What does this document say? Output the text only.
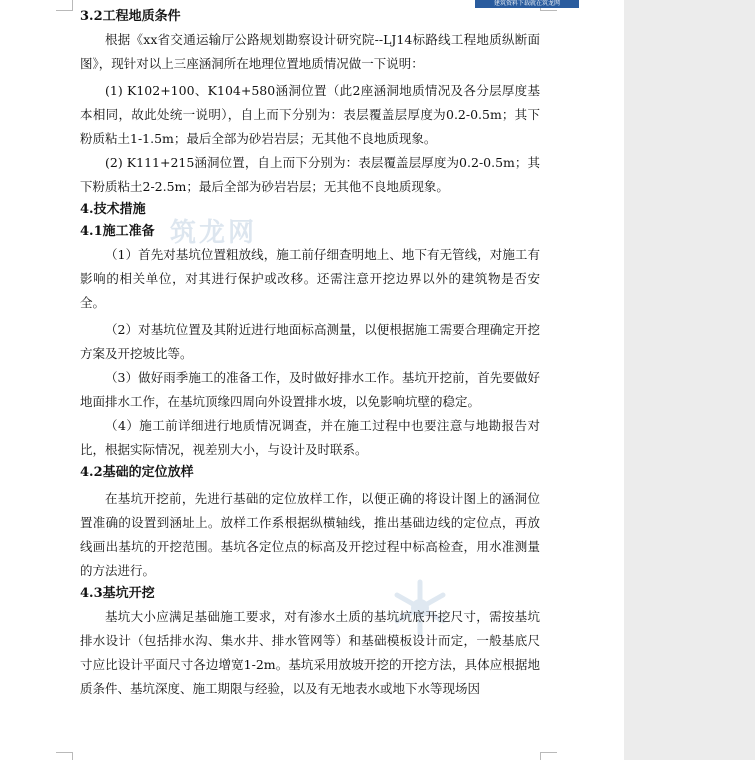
建筑资料下载就在筑龙网
筑龙网
3.2工程地质条件

根据《xx省交通运输厅公路规划勘察设计研究院--LJ14标路线工程地质纵断面图》，现针对以上三座涵洞所在地理位置地质情况做一下说明：

(1) K102+100、K104+580涵洞位置（此2座涵洞地质情况及各分层厚度基本相同，故此处统一说明），自上而下分别为：表层覆盖层厚度为0.2-0.5m；其下粉质粘土1-1.5m；最后全部为砂岩岩层；无其他不良地质现象。

(2) K111+215涵洞位置，自上而下分别为：表层覆盖层厚度为0.2-0.5m；其下粉质粘土2-2.5m；最后全部为砂岩岩层；无其他不良地质现象。

4.技术措施
4.1施工准备

（1）首先对基坑位置粗放线，施工前仔细查明地上、地下有无管线，对施工有影响的相关单位，对其进行保护或改移。还需注意开挖边界以外的建筑物是否安全。

（2）对基坑位置及其附近进行地面标高测量，以便根据施工需要合理确定开挖方案及开挖坡比等。

（3）做好雨季施工的准备工作，及时做好排水工作。基坑开挖前，首先要做好地面排水工作，在基坑顶缘四周向外设置排水坡，以免影响坑壁的稳定。

（4）施工前详细进行地质情况调查，并在施工过程中也要注意与地勘报告对比，根据实际情况，视差别大小，与设计及时联系。

4.2基础的定位放样

在基坑开挖前，先进行基础的定位放样工作，以便正确的将设计图上的涵洞位置准确的设置到涵址上。放样工作系根据纵横轴线，推出基础边线的定位点，再放线画出基坑的开挖范围。基坑各定位点的标高及开挖过程中标高检查，用水准测量的方法进行。

4.3基坑开挖

基坑大小应满足基础施工要求，对有渗水土质的基坑坑底开挖尺寸，需按基坑排水设计（包括排水沟、集水井、排水管网等）和基础模板设计而定，一般基底尺寸应比设计平面尺寸各边增宽1-2m。基坑采用放坡开挖的开挖方法，具体应根据地质条件、基坑深度、施工期限与经验，以及有无地表水或地下水等现场因
